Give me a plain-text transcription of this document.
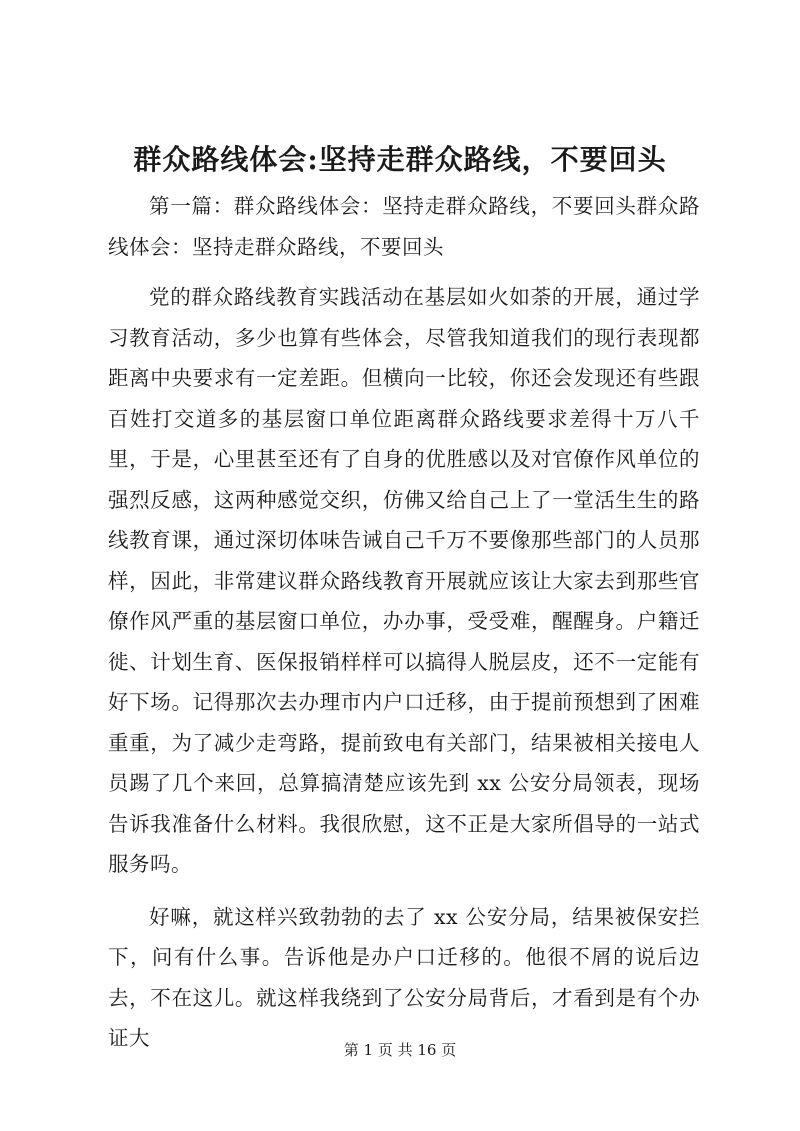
群众路线体会:坚持走群众路线，不要回头

第一篇：群众路线体会：坚持走群众路线，不要回头群众路线体会：坚持走群众路线，不要回头

党的群众路线教育实践活动在基层如火如荼的开展，通过学习教育活动，多少也算有些体会，尽管我知道我们的现行表现都距离中央要求有一定差距。但横向一比较，你还会发现还有些跟百姓打交道多的基层窗口单位距离群众路线要求差得十万八千里，于是，心里甚至还有了自身的优胜感以及对官僚作风单位的强烈反感，这两种感觉交织，仿佛又给自己上了一堂活生生的路线教育课，通过深切体味告诫自己千万不要像那些部门的人员那样，因此，非常建议群众路线教育开展就应该让大家去到那些官僚作风严重的基层窗口单位，办办事，受受难，醒醒身。户籍迁徙、计划生育、医保报销样样可以搞得人脱层皮，还不一定能有好下场。记得那次去办理市内户口迁移，由于提前预想到了困难重重，为了减少走弯路，提前致电有关部门，结果被相关接电人员踢了几个来回，总算搞清楚应该先到 xx 公安分局领表，现场告诉我准备什么材料。我很欣慰，这不正是大家所倡导的一站式服务吗。

好嘛，就这样兴致勃勃的去了 xx 公安分局，结果被保安拦下，问有什么事。告诉他是办户口迁移的。他很不屑的说后边去，不在这儿。就这样我绕到了公安分局背后，才看到是有个办证大	第 1 页 共 16 页
